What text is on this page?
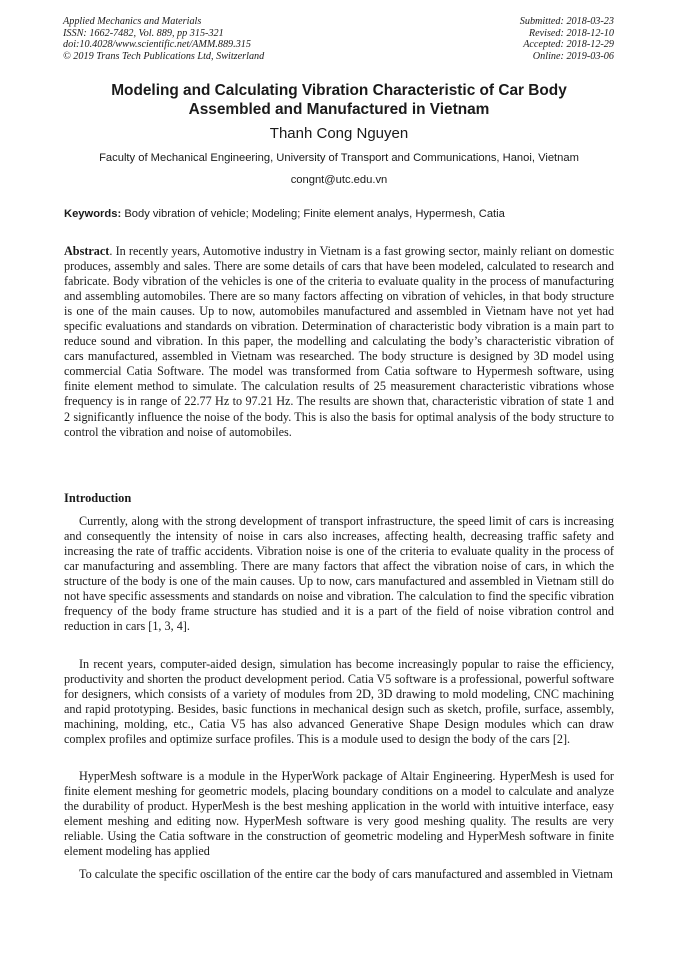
Applied Mechanics and Materials
ISSN: 1662-7482, Vol. 889, pp 315-321
doi:10.4028/www.scientific.net/AMM.889.315
© 2019 Trans Tech Publications Ltd, Switzerland
Submitted: 2018-03-23
Revised: 2018-12-10
Accepted: 2018-12-29
Online: 2019-03-06
Modeling and Calculating Vibration Characteristic of Car Body
Assembled and Manufactured in Vietnam
Thanh Cong Nguyen
Faculty of Mechanical Engineering, University of Transport and Communications, Hanoi, Vietnam
congnt@utc.edu.vn
Keywords: Body vibration of vehicle; Modeling; Finite element analys, Hypermesh, Catia
Abstract. In recently years, Automotive industry in Vietnam is a fast growing sector, mainly reliant on domestic produces, assembly and sales. There are some details of cars that have been modeled, calculated to research and fabricate. Body vibration of the vehicles is one of the criteria to evaluate quality in the process of manufacturing and assembling automobiles. There are so many factors affecting on vibration of vehicles, in that body structure is one of the main causes. Up to now, automobiles manufactured and assembled in Vietnam have not yet had specific evaluations and standards on vibration. Determination of characteristic body vibration is a main part to reduce sound and vibration. In this paper, the modelling and calculating the body’s characteristic vibration of cars manufactured, assembled in Vietnam was researched. The body structure is designed by 3D model using commercial Catia Software. The model was transformed from Catia software to Hypermesh software, using finite element method to simulate. The calculation results of 25 measurement characteristic vibrations whose frequency is in range of 22.77 Hz to 97.21 Hz. The results are shown that, characteristic vibration of state 1 and 2 significantly influence the noise of the body. This is also the basis for optimal analysis of the body structure to control the vibration and noise of automobiles.
Introduction
Currently, along with the strong development of transport infrastructure, the speed limit of cars is increasing and consequently the intensity of noise in cars also increases, affecting health, decreasing traffic safety and increasing the rate of traffic accidents. Vibration noise is one of the criteria to evaluate quality in the process of car manufacturing and assembling. There are many factors that affect the vibration noise of cars, in which the structure of the body is one of the main causes. Up to now, cars manufactured and assembled in Vietnam still do not have specific assessments and standards on noise and vibration. The calculation to find the specific vibration frequency of the body frame structure has studied and it is a part of the field of noise vibration control and reduction in cars [1, 3, 4].
In recent years, computer-aided design, simulation has become increasingly popular to raise the efficiency, productivity and shorten the product development period. Catia V5 software is a professional, powerful software for designers, which consists of a variety of modules from 2D, 3D drawing to mold modeling, CNC machining and rapid prototyping. Besides, basic functions in mechanical design such as sketch, profile, surface, assembly, machining, molding, etc., Catia V5 has also advanced Generative Shape Design modules which can draw complex profiles and optimize surface profiles. This is a module used to design the body of the cars [2].
HyperMesh software is a module in the HyperWork package of Altair Engineering. HyperMesh is used for finite element meshing for geometric models, placing boundary conditions on a model to calculate and analyze the durability of product. HyperMesh is the best meshing application in the world with intuitive interface, easy element meshing and editing now. HyperMesh software is very good meshing quality. The results are very reliable. Using the Catia software in the construction of geometric modeling and HyperMesh software in finite element modeling has applied
To calculate the specific oscillation of the entire car the body of cars manufactured and assembled in Vietnam
